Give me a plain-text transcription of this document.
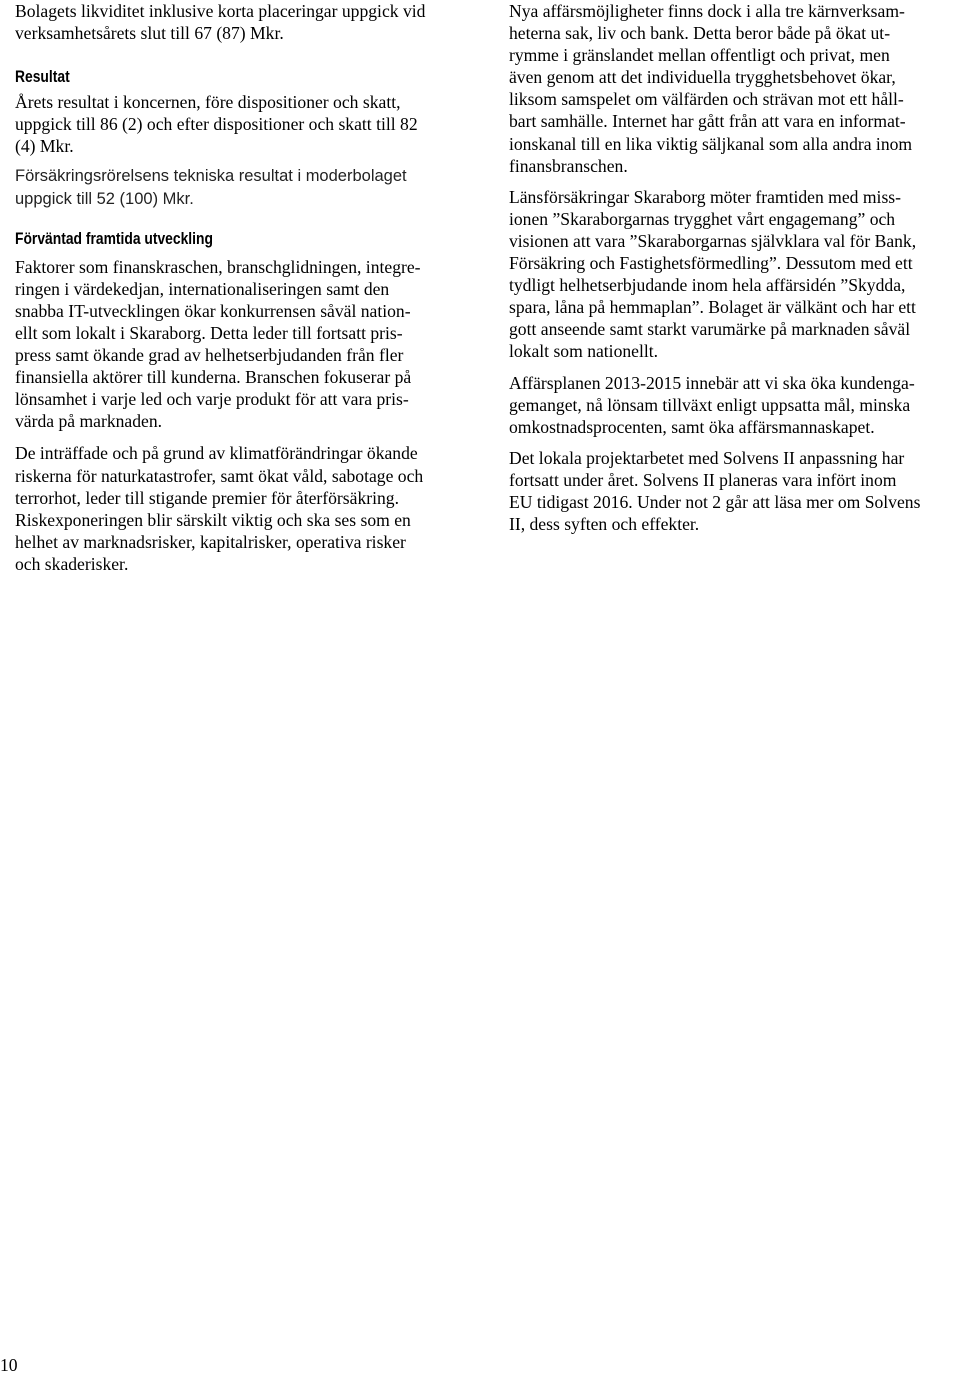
Bolagets likviditet inklusive korta placeringar uppgick vid
verksamhetsårets slut till 67 (87) Mkr.

Resultat

Årets resultat i koncernen, före dispositioner och skatt,
uppgick till 86 (2) och efter dispositioner och skatt till 82
(4) Mkr.

Försäkringsrörelsens tekniska resultat i moderbolaget
uppgick till 52 (100) Mkr.

Förväntad framtida utveckling

Faktorer som finanskraschen, branschglidningen, integre-
ringen i värdekedjan, internationaliseringen samt den
snabba IT-utvecklingen ökar konkurrensen såväl nation-
ellt som lokalt i Skaraborg. Detta leder till fortsatt pris-
press samt ökande grad av helhetserbjudanden från fler
finansiella aktörer till kunderna. Branschen fokuserar på
lönsamhet i varje led och varje produkt för att vara pris-
värda på marknaden.

De inträffade och på grund av klimatförändringar ökande
riskerna för naturkatastrofer, samt ökat våld, sabotage och
terrorhot, leder till stigande premier för återförsäkring.
Riskexponeringen blir särskilt viktig och ska ses som en
helhet av marknadsrisker, kapitalrisker, operativa risker
och skaderisker.

Nya affärsmöjligheter finns dock i alla tre kärnverksam-
heterna sak, liv och bank. Detta beror både på ökat ut-
rymme i gränslandet mellan offentligt och privat, men
även genom att det individuella trygghetsbehovet ökar,
liksom samspelet om välfärden och strävan mot ett håll-
bart samhälle. Internet har gått från att vara en informat-
ionskanal till en lika viktig säljkanal som alla andra inom
finansbranschen.

Länsförsäkringar Skaraborg möter framtiden med miss-
ionen ”Skaraborgarnas trygghet vårt engagemang” och
visionen att vara ”Skaraborgarnas självklara val för Bank,
Försäkring och Fastighetsförmedling”. Dessutom med ett
tydligt helhetserbjudande inom hela affärsidén ”Skydda,
spara, låna på hemmaplan”. Bolaget är välkänt och har ett
gott anseende samt starkt varumärke på marknaden såväl
lokalt som nationellt.

Affärsplanen 2013-2015 innebär att vi ska öka kundenga-
gemanget, nå lönsam tillväxt enligt uppsatta mål, minska
omkostnadsprocenten, samt öka affärsmannaskapet.

Det lokala projektarbetet med Solvens II anpassning har
fortsatt under året. Solvens II planeras vara infört inom
EU tidigast 2016. Under not 2 går att läsa mer om Solvens
II, dess syften och effekter.

10
